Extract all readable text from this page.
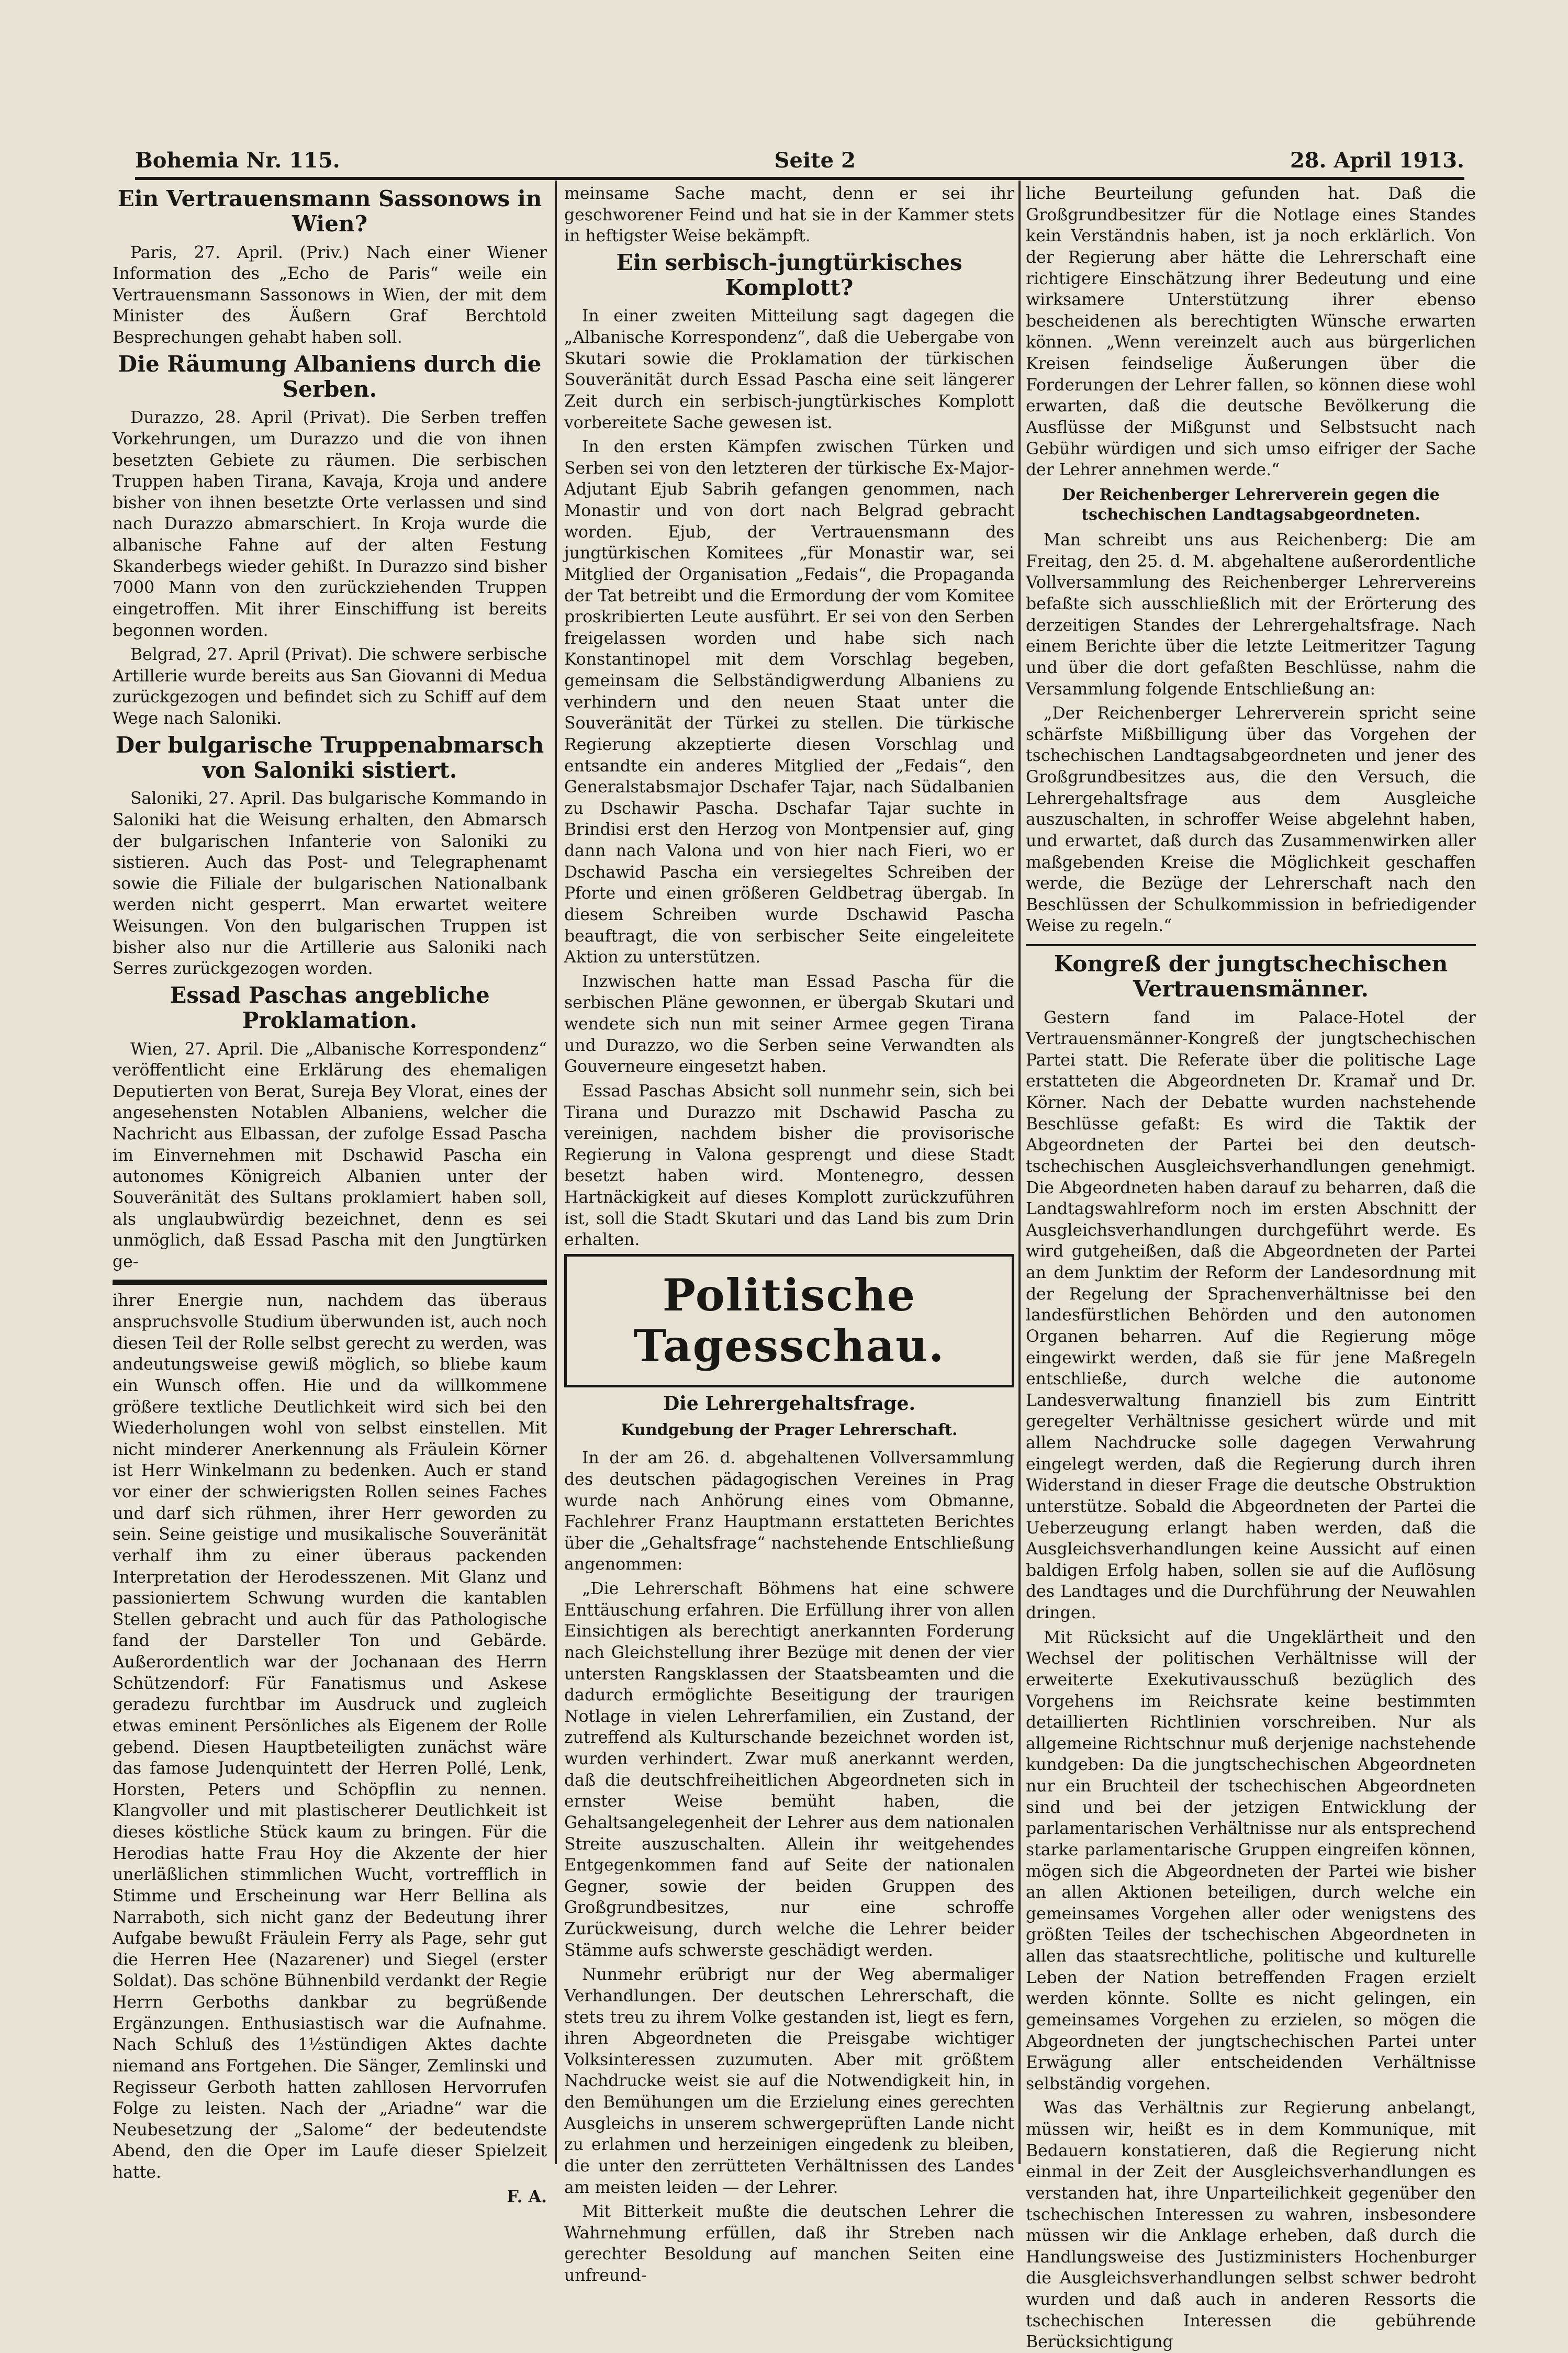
Bohemia Nr. 115.	Seite 2	28. April 1913.
Ein Vertrauensmann Sassonows in Wien?

Paris, 27. April. (Priv.) Nach einer Wiener Information des „Echo de Paris“ weile ein Vertrauensmann Sassonows in Wien, der mit dem Minister des Äußern Graf Berchtold Besprechungen gehabt haben soll.

Die Räumung Albaniens durch die Serben.

Durazzo, 28. April (Privat). Die Serben treffen Vorkehrungen, um Durazzo und die von ihnen besetzten Gebiete zu räumen. Die serbischen Truppen haben Tirana, Kavaja, Kroja und andere bisher von ihnen besetzte Orte verlassen und sind nach Durazzo abmarschiert. In Kroja wurde die albanische Fahne auf der alten Festung Skanderbegs wieder gehißt. In Durazzo sind bisher 7000 Mann von den zurückziehenden Truppen eingetroffen. Mit ihrer Einschiffung ist bereits begonnen worden.

Belgrad, 27. April (Privat). Die schwere serbische Artillerie wurde bereits aus San Giovanni di Medua zurückgezogen und befindet sich zu Schiff auf dem Wege nach Saloniki.

Der bulgarische Truppenabmarsch von Saloniki sistiert.

Saloniki, 27. April. Das bulgarische Kommando in Saloniki hat die Weisung erhalten, den Abmarsch der bulgarischen Infanterie von Saloniki zu sistieren. Auch das Post- und Telegraphenamt sowie die Filiale der bulgarischen Nationalbank werden nicht gesperrt. Man erwartet weitere Weisungen. Von den bulgarischen Truppen ist bisher also nur die Artillerie aus Saloniki nach Serres zurückgezogen worden.

Essad Paschas angebliche Proklamation.

Wien, 27. April. Die „Albanische Korrespondenz“ veröffentlicht eine Erklärung des ehemaligen Deputierten von Berat, Sureja Bey Vlorat, eines der angesehensten Notablen Albaniens, welcher die Nachricht aus Elbassan, der zufolge Essad Pascha im Einvernehmen mit Dschawid Pascha ein autonomes Königreich Albanien unter der Souveränität des Sultans proklamiert haben soll, als unglaubwürdig bezeichnet, denn es sei unmöglich, daß Essad Pascha mit den Jungtürken ge-

ihrer Energie nun, nachdem das überaus anspruchsvolle Studium überwunden ist, auch noch diesen Teil der Rolle selbst gerecht zu werden, was andeutungsweise gewiß möglich, so bliebe kaum ein Wunsch offen. Hie und da willkommene größere textliche Deutlichkeit wird sich bei den Wiederholungen wohl von selbst einstellen. Mit nicht minderer Anerkennung als Fräulein Körner ist Herr Winkelmann zu bedenken. Auch er stand vor einer der schwierigsten Rollen seines Faches und darf sich rühmen, ihrer Herr geworden zu sein. Seine geistige und musikalische Souveränität verhalf ihm zu einer überaus packenden Interpretation der Herodesszenen. Mit Glanz und passioniertem Schwung wurden die kantablen Stellen gebracht und auch für das Pathologische fand der Darsteller Ton und Gebärde. Außerordentlich war der Jochanaan des Herrn Schützendorf: Für Fanatismus und Askese geradezu furchtbar im Ausdruck und zugleich etwas eminent Persönliches als Eigenem der Rolle gebend. Diesen Hauptbeteiligten zunächst wäre das famose Judenquintett der Herren Pollé, Lenk, Horsten, Peters und Schöpflin zu nennen. Klangvoller und mit plastischerer Deutlichkeit ist dieses köstliche Stück kaum zu bringen. Für die Herodias hatte Frau Hoy die Akzente der hier unerläßlichen stimmlichen Wucht, vortrefflich in Stimme und Erscheinung war Herr Bellina als Narraboth, sich nicht ganz der Bedeutung ihrer Aufgabe bewußt Fräulein Ferry als Page, sehr gut die Herren Hee (Nazarener) und Siegel (erster Soldat). Das schöne Bühnenbild verdankt der Regie Herrn Gerboths dankbar zu begrüßende Ergänzungen. Enthusiastisch war die Aufnahme. Nach Schluß des 1½stündigen Aktes dachte niemand ans Fortgehen. Die Sänger, Zemlinski und Regisseur Gerboth hatten zahllosen Hervorrufen Folge zu leisten. Nach der „Ariadne“ war die Neubesetzung der „Salome“ der bedeutendste Abend, den die Oper im Laufe dieser Spielzeit hatte.

F. A.

meinsame Sache macht, denn er sei ihr geschworener Feind und hat sie in der Kammer stets in heftigster Weise bekämpft.

Ein serbisch-jungtürkisches Komplott?

In einer zweiten Mitteilung sagt dagegen die „Albanische Korrespondenz“, daß die Uebergabe von Skutari sowie die Proklamation der türkischen Souveränität durch Essad Pascha eine seit längerer Zeit durch ein serbisch-jungtürkisches Komplott vorbereitete Sache gewesen ist.

In den ersten Kämpfen zwischen Türken und Serben sei von den letzteren der türkische Ex-Major-Adjutant Ejub Sabrih gefangen genommen, nach Monastir und von dort nach Belgrad gebracht worden. Ejub, der Vertrauensmann des jungtürkischen Komitees „für Monastir war, sei Mitglied der Organisation „Fedais“, die Propaganda der Tat betreibt und die Ermordung der vom Komitee proskribierten Leute ausführt. Er sei von den Serben freigelassen worden und habe sich nach Konstantinopel mit dem Vorschlag begeben, gemeinsam die Selbständigwerdung Albaniens zu verhindern und den neuen Staat unter die Souveränität der Türkei zu stellen. Die türkische Regierung akzeptierte diesen Vorschlag und entsandte ein anderes Mitglied der „Fedais“, den Generalstabsmajor Dschafer Tajar, nach Südalbanien zu Dschawir Pascha. Dschafar Tajar suchte in Brindisi erst den Herzog von Montpensier auf, ging dann nach Valona und von hier nach Fieri, wo er Dschawid Pascha ein versiegeltes Schreiben der Pforte und einen größeren Geldbetrag übergab. In diesem Schreiben wurde Dschawid Pascha beauftragt, die von serbischer Seite eingeleitete Aktion zu unterstützen.

Inzwischen hatte man Essad Pascha für die serbischen Pläne gewonnen, er übergab Skutari und wendete sich nun mit seiner Armee gegen Tirana und Durazzo, wo die Serben seine Verwandten als Gouverneure eingesetzt haben.

Essad Paschas Absicht soll nunmehr sein, sich bei Tirana und Durazzo mit Dschawid Pascha zu vereinigen, nachdem bisher die provisorische Regierung in Valona gesprengt und diese Stadt besetzt haben wird. Montenegro, dessen Hartnäckigkeit auf dieses Komplott zurückzuführen ist, soll die Stadt Skutari und das Land bis zum Drin erhalten.

Politische Tagesschau.
Die Lehrergehaltsfrage.
Kundgebung der Prager Lehrerschaft.

In der am 26. d. abgehaltenen Vollversammlung des deutschen pädagogischen Vereines in Prag wurde nach Anhörung eines vom Obmanne, Fachlehrer Franz Hauptmann erstatteten Berichtes über die „Gehaltsfrage“ nachstehende Entschließung angenommen:

„Die Lehrerschaft Böhmens hat eine schwere Enttäuschung erfahren. Die Erfüllung ihrer von allen Einsichtigen als berechtigt anerkannten Forderung nach Gleichstellung ihrer Bezüge mit denen der vier untersten Rangsklassen der Staatsbeamten und die dadurch ermöglichte Beseitigung der traurigen Notlage in vielen Lehrerfamilien, ein Zustand, der zutreffend als Kulturschande bezeichnet worden ist, wurden verhindert. Zwar muß anerkannt werden, daß die deutschfreiheitlichen Abgeordneten sich in ernster Weise bemüht haben, die Gehaltsangelegenheit der Lehrer aus dem nationalen Streite auszuschalten. Allein ihr weitgehendes Entgegenkommen fand auf Seite der nationalen Gegner, sowie der beiden Gruppen des Großgrundbesitzes, nur eine schroffe Zurückweisung, durch welche die Lehrer beider Stämme aufs schwerste geschädigt werden.

Nunmehr erübrigt nur der Weg abermaliger Verhandlungen. Der deutschen Lehrerschaft, die stets treu zu ihrem Volke gestanden ist, liegt es fern, ihren Abgeordneten die Preisgabe wichtiger Volksinteressen zuzumuten. Aber mit größtem Nachdrucke weist sie auf die Notwendigkeit hin, in den Bemühungen um die Erzielung eines gerechten Ausgleichs in unserem schwergeprüften Lande nicht zu erlahmen und herzeinigen eingedenk zu bleiben, die unter den zerrütteten Verhältnissen des Landes am meisten leiden — der Lehrer.

Mit Bitterkeit mußte die deutschen Lehrer die Wahrnehmung erfüllen, daß ihr Streben nach gerechter Besoldung auf manchen Seiten eine unfreund-

liche Beurteilung gefunden hat. Daß die Großgrundbesitzer für die Notlage eines Standes kein Verständnis haben, ist ja noch erklärlich. Von der Regierung aber hätte die Lehrerschaft eine richtigere Einschätzung ihrer Bedeutung und eine wirksamere Unterstützung ihrer ebenso bescheidenen als berechtigten Wünsche erwarten können. „Wenn vereinzelt auch aus bürgerlichen Kreisen feindselige Äußerungen über die Forderungen der Lehrer fallen, so können diese wohl erwarten, daß die deutsche Bevölkerung die Ausflüsse der Mißgunst und Selbstsucht nach Gebühr würdigen und sich umso eifriger der Sache der Lehrer annehmen werde.“

Der Reichenberger Lehrerverein gegen die tschechischen Landtagsabgeordneten.

Man schreibt uns aus Reichenberg: Die am Freitag, den 25. d. M. abgehaltene außerordentliche Vollversammlung des Reichenberger Lehrervereins befaßte sich ausschließlich mit der Erörterung des derzeitigen Standes der Lehrergehaltsfrage. Nach einem Berichte über die letzte Leitmeritzer Tagung und über die dort gefaßten Beschlüsse, nahm die Versammlung folgende Entschließung an:

„Der Reichenberger Lehrerverein spricht seine schärfste Mißbilligung über das Vorgehen der tschechischen Landtagsabgeordneten und jener des Großgrundbesitzes aus, die den Versuch, die Lehrergehaltsfrage aus dem Ausgleiche auszuschalten, in schroffer Weise abgelehnt haben, und erwartet, daß durch das Zusammenwirken aller maßgebenden Kreise die Möglichkeit geschaffen werde, die Bezüge der Lehrerschaft nach den Beschlüssen der Schulkommission in befriedigender Weise zu regeln.“

Kongreß der jungtschechischen Vertrauensmänner.

Gestern fand im Palace-Hotel der Vertrauensmänner-Kongreß der jungtschechischen Partei statt. Die Referate über die politische Lage erstatteten die Abgeordneten Dr. Kramař und Dr. Körner. Nach der Debatte wurden nachstehende Beschlüsse gefaßt: Es wird die Taktik der Abgeordneten der Partei bei den deutsch-tschechischen Ausgleichsverhandlungen genehmigt. Die Abgeordneten haben darauf zu beharren, daß die Landtagswahlreform noch im ersten Abschnitt der Ausgleichsverhandlungen durchgeführt werde. Es wird gutgeheißen, daß die Abgeordneten der Partei an dem Junktim der Reform der Landesordnung mit der Regelung der Sprachenverhältnisse bei den landesfürstlichen Behörden und den autonomen Organen beharren. Auf die Regierung möge eingewirkt werden, daß sie für jene Maßregeln entschließe, durch welche die autonome Landesverwaltung finanziell bis zum Eintritt geregelter Verhältnisse gesichert würde und mit allem Nachdrucke solle dagegen Verwahrung eingelegt werden, daß die Regierung durch ihren Widerstand in dieser Frage die deutsche Obstruktion unterstütze. Sobald die Abgeordneten der Partei die Ueberzeugung erlangt haben werden, daß die Ausgleichsverhandlungen keine Aussicht auf einen baldigen Erfolg haben, sollen sie auf die Auflösung des Landtages und die Durchführung der Neuwahlen dringen.

Mit Rücksicht auf die Ungeklärtheit und den Wechsel der politischen Verhältnisse will der erweiterte Exekutivausschuß bezüglich des Vorgehens im Reichsrate keine bestimmten detaillierten Richtlinien vorschreiben. Nur als allgemeine Richtschnur muß derjenige nachstehende kundgeben: Da die jungtschechischen Abgeordneten nur ein Bruchteil der tschechischen Abgeordneten sind und bei der jetzigen Entwicklung der parlamentarischen Verhältnisse nur als entsprechend starke parlamentarische Gruppen eingreifen können, mögen sich die Abgeordneten der Partei wie bisher an allen Aktionen beteiligen, durch welche ein gemeinsames Vorgehen aller oder wenigstens des größten Teiles der tschechischen Abgeordneten in allen das staatsrechtliche, politische und kulturelle Leben der Nation betreffenden Fragen erzielt werden könnte. Sollte es nicht gelingen, ein gemeinsames Vorgehen zu erzielen, so mögen die Abgeordneten der jungtschechischen Partei unter Erwägung aller entscheidenden Verhältnisse selbständig vorgehen.

Was das Verhältnis zur Regierung anbelangt, müssen wir, heißt es in dem Kommunique, mit Bedauern konstatieren, daß die Regierung nicht einmal in der Zeit der Ausgleichsverhandlungen es verstanden hat, ihre Unparteilichkeit gegenüber den tschechischen Interessen zu wahren, insbesondere müssen wir die Anklage erheben, daß durch die Handlungsweise des Justizministers Hochenburger die Ausgleichsverhandlungen selbst schwer bedroht wurden und daß auch in anderen Ressorts die tschechischen Interessen die gebührende Berücksichtigung
